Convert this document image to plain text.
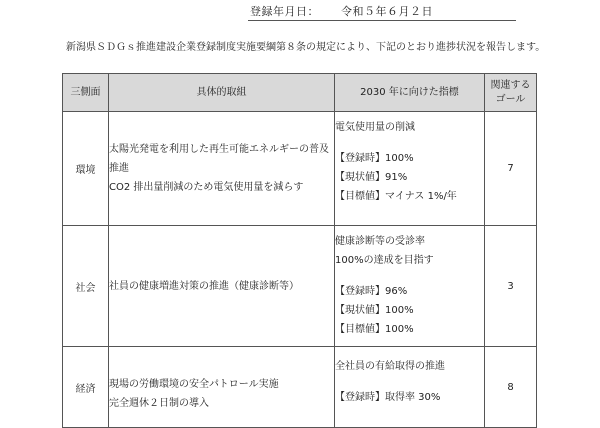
登録年月日： 令和５年６月２日
新潟県ＳＤＧｓ推進建設企業登録制度実施要綱第８条の規定により、下記のとおり進捗状況を報告します。
三側面	具体的取組	2030 年に向けた指標	関連する
ゴール

環境	太陽光発電を利用した再生可能エネルギーの普及
推進
CO2 排出量削減のため電気使用量を減らす	電気使用量の削減
【登録時】100%
【現状値】91%
【目標値】マイナス 1%/年	7
社会	社員の健康増進対策の推進（健康診断等）	健康診断等の受診率
100%の達成を目指す
【登録時】96%
【現状値】100%
【目標値】100%	3
経済	現場の労働環境の安全パトロール実施
完全週休２日制の導入	全社員の有給取得の推進
【登録時】取得率 30%	8
